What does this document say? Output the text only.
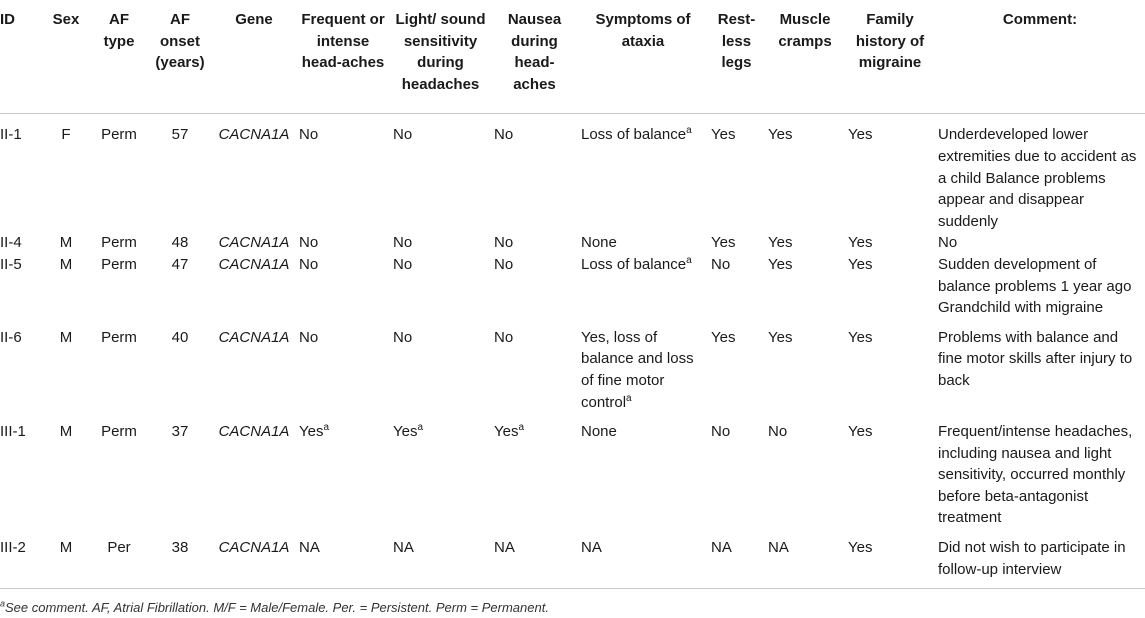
ID	Sex	AF type	AF onset (years)	Gene	Frequent or intense head-aches	Light/ sound sensitivity during headaches	Nausea during head-aches	Symptoms of ataxia	Rest-less legs	Muscle cramps	Family history of migraine	Comment:
II-1	F	Perm	57	CACNA1A	No	No	No	Loss of balance$^a$	Yes	Yes	Yes	Underdeveloped lower extremities due to accident as a child Balance problems appear and disappear suddenly
II-4	M	Perm	48	CACNA1A	No	No	No	None	Yes	Yes	Yes	No
II-5	M	Perm	47	CACNA1A	No	No	No	Loss of balance$^a$	No	Yes	Yes	Sudden development of balance problems 1 year ago Grandchild with migraine
II-6	M	Perm	40	CACNA1A	No	No	No	Yes, loss of balance and loss of fine motor control$^a$	Yes	Yes	Yes	Problems with balance and fine motor skills after injury to back
III-1	M	Perm	37	CACNA1A	Yes$^a$	Yes$^a$	Yes$^a$	None	No	No	Yes	Frequent/intense headaches, including nausea and light sensitivity, occurred monthly before beta-antagonist treatment
III-2	M	Per	38	CACNA1A	NA	NA	NA	NA	NA	NA	Yes	Did not wish to participate in follow-up interview
$^a$See comment. AF, Atrial Fibrillation. M/F = Male/Female. Per. = Persistent. Perm = Permanent.
